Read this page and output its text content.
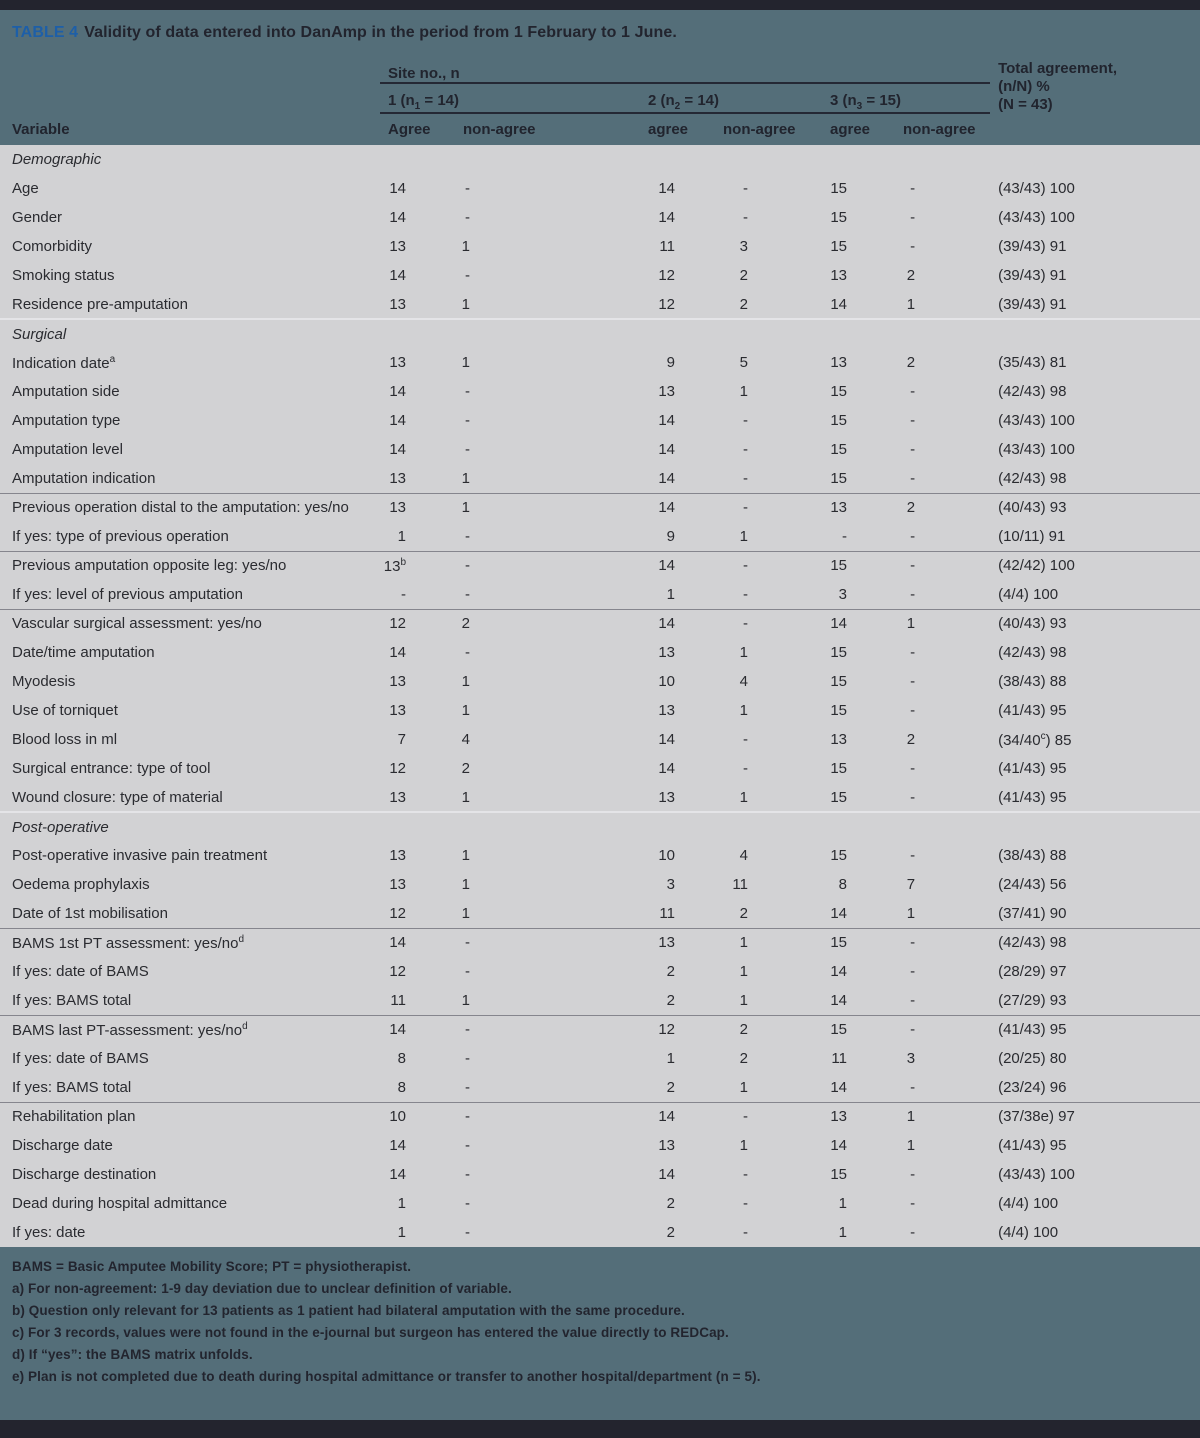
TABLE 4 Validity of data entered into DanAmp in the period from 1 February to 1 June.
	Site no., n						Total agreement,
(n/N) %
(N = 43)

	1 $(n_1 = 14)$		2 $(n_2 = 14)$		3 $(n_3 = 15)$		
Variable	Agree	non-agree	agree	non-agree	agree	non-agree	
Demographic							
Age	14	-	14	-	15	-	(43/43) 100
Gender	14	-	14	-	15	-	(43/43) 100
Comorbidity	13	1	11	3	15	-	(39/43) 91
Smoking status	14	-	12	2	13	2	(39/43) 91
Residence pre-amputation	13	1	12	2	14	1	(39/43) 91
Surgical							
Indication date$^a$	13	1	9	5	13	2	(35/43) 81
Amputation side	14	-	13	1	15	-	(42/43) 98
Amputation type	14	-	14	-	15	-	(43/43) 100
Amputation level	14	-	14	-	15	-	(43/43) 100
Amputation indication	13	1	14	-	15	-	(42/43) 98
Previous operation distal to the amputation: yes/no	13	1	14	-	13	2	(40/43) 93
If yes: type of previous operation	1	-	9	1	-	-	(10/11) 91
Previous amputation opposite leg: yes/no	13$^b$	-	14	-	15	-	(42/42) 100
If yes: level of previous amputation	-	-	1	-	3	-	(4/4) 100
Vascular surgical assessment: yes/no	12	2	14	-	14	1	(40/43) 93
Date/time amputation	14	-	13	1	15	-	(42/43) 98
Myodesis	13	1	10	4	15	-	(38/43) 88
Use of torniquet	13	1	13	1	15	-	(41/43) 95
Blood loss in ml	7	4	14	-	13	2	(34/40$^c$) 85
Surgical entrance: type of tool	12	2	14	-	15	-	(41/43) 95
Wound closure: type of material	13	1	13	1	15	-	(41/43) 95
Post-operative							
Post-operative invasive pain treatment	13	1	10	4	15	-	(38/43) 88
Oedema prophylaxis	13	1	3	11	8	7	(24/43) 56
Date of 1st mobilisation	12	1	11	2	14	1	(37/41) 90
BAMS 1st PT assessment: yes/$no^d$	14	-	13	1	15	-	(42/43) 98
If yes: date of BAMS	12	-	2	1	14	-	(28/29) 97
If yes: BAMS total	11	1	2	1	14	-	(27/29) 93
BAMS last PT-assessment: yes/$no^d$	14	-	12	2	15	-	(41/43) 95
If yes: date of BAMS	8	-	1	2	11	3	(20/25) 80
If yes: BAMS total	8	-	2	1	14	-	(23/24) 96
Rehabilitation plan	10	-	14	-	13	1	(37/38e) 97
Discharge date	14	-	13	1	14	1	(41/43) 95
Discharge destination	14	-	14	-	15	-	(43/43) 100
Dead during hospital admittance	1	-	2	-	1	-	(4/4) 100
If yes: date	1	-	2	-	1	-	(4/4) 100
BAMS = Basic Amputee Mobility Score; PT = physiotherapist.
a) For non-agreement: 1-9 day deviation due to unclear definition of variable.
b) Question only relevant for 13 patients as 1 patient had bilateral amputation with the same procedure.
c) For 3 records, values were not found in the e-journal but surgeon has entered the value directly to REDCap.
d) If “yes”: the BAMS matrix unfolds.
e) Plan is not completed due to death during hospital admittance or transfer to another hospital/department (n = 5).
